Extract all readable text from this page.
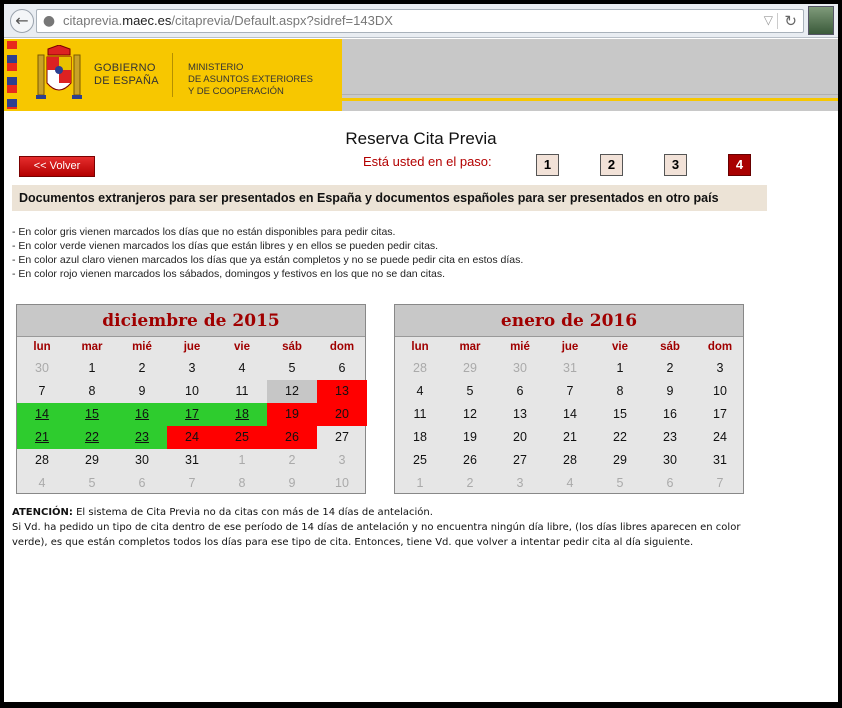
←	● citaprevia.maec.es/citaprevia/Default.aspx?sidref=143DX	▽ ↻
GOBIERNO
DE ESPAÑA
MINISTERIO
DE ASUNTOS EXTERIORES
Y DE COOPERACIÓN
Reserva Cita Previa
<< Volver	Está usted en el paso:	1	2	3	4
Documentos extranjeros para ser presentados en España y documentos españoles para ser presentados en otro país
- En color gris vienen marcados los días que no están disponibles para pedir citas.
- En color verde vienen marcados los días que están libres y en ellos se pueden pedir citas.
- En color azul claro vienen marcados los días que ya están completos y no se puede pedir cita en estos días.
- En color rojo vienen marcados los sábados, domingos y festivos en los que no se dan citas.
diciembre de 2015
lun	mar	mié	jue	vie	sáb	dom
30	1	2	3	4	5	6
7	8	9	10	11	12	13
14	15	16	17	18	19	20
21	22	23	24	25	26	27
28	29	30	31	1	2	3
4	5	6	7	8	9	10
enero de 2016
lun	mar	mié	jue	vie	sáb	dom
28	29	30	31	1	2	3
4	5	6	7	8	9	10
11	12	13	14	15	16	17
18	19	20	21	22	23	24
25	26	27	28	29	30	31
1	2	3	4	5	6	7
ATENCIÓN: El sistema de Cita Previa no da citas con más de 14 días de antelación.
Si Vd. ha pedido un tipo de cita dentro de ese período de 14 días de antelación y no encuentra ningún día libre, (los días libres aparecen en color verde), es que están completos todos los días para ese tipo de cita. Entonces, tiene Vd. que volver a intentar pedir cita al día siguiente.
